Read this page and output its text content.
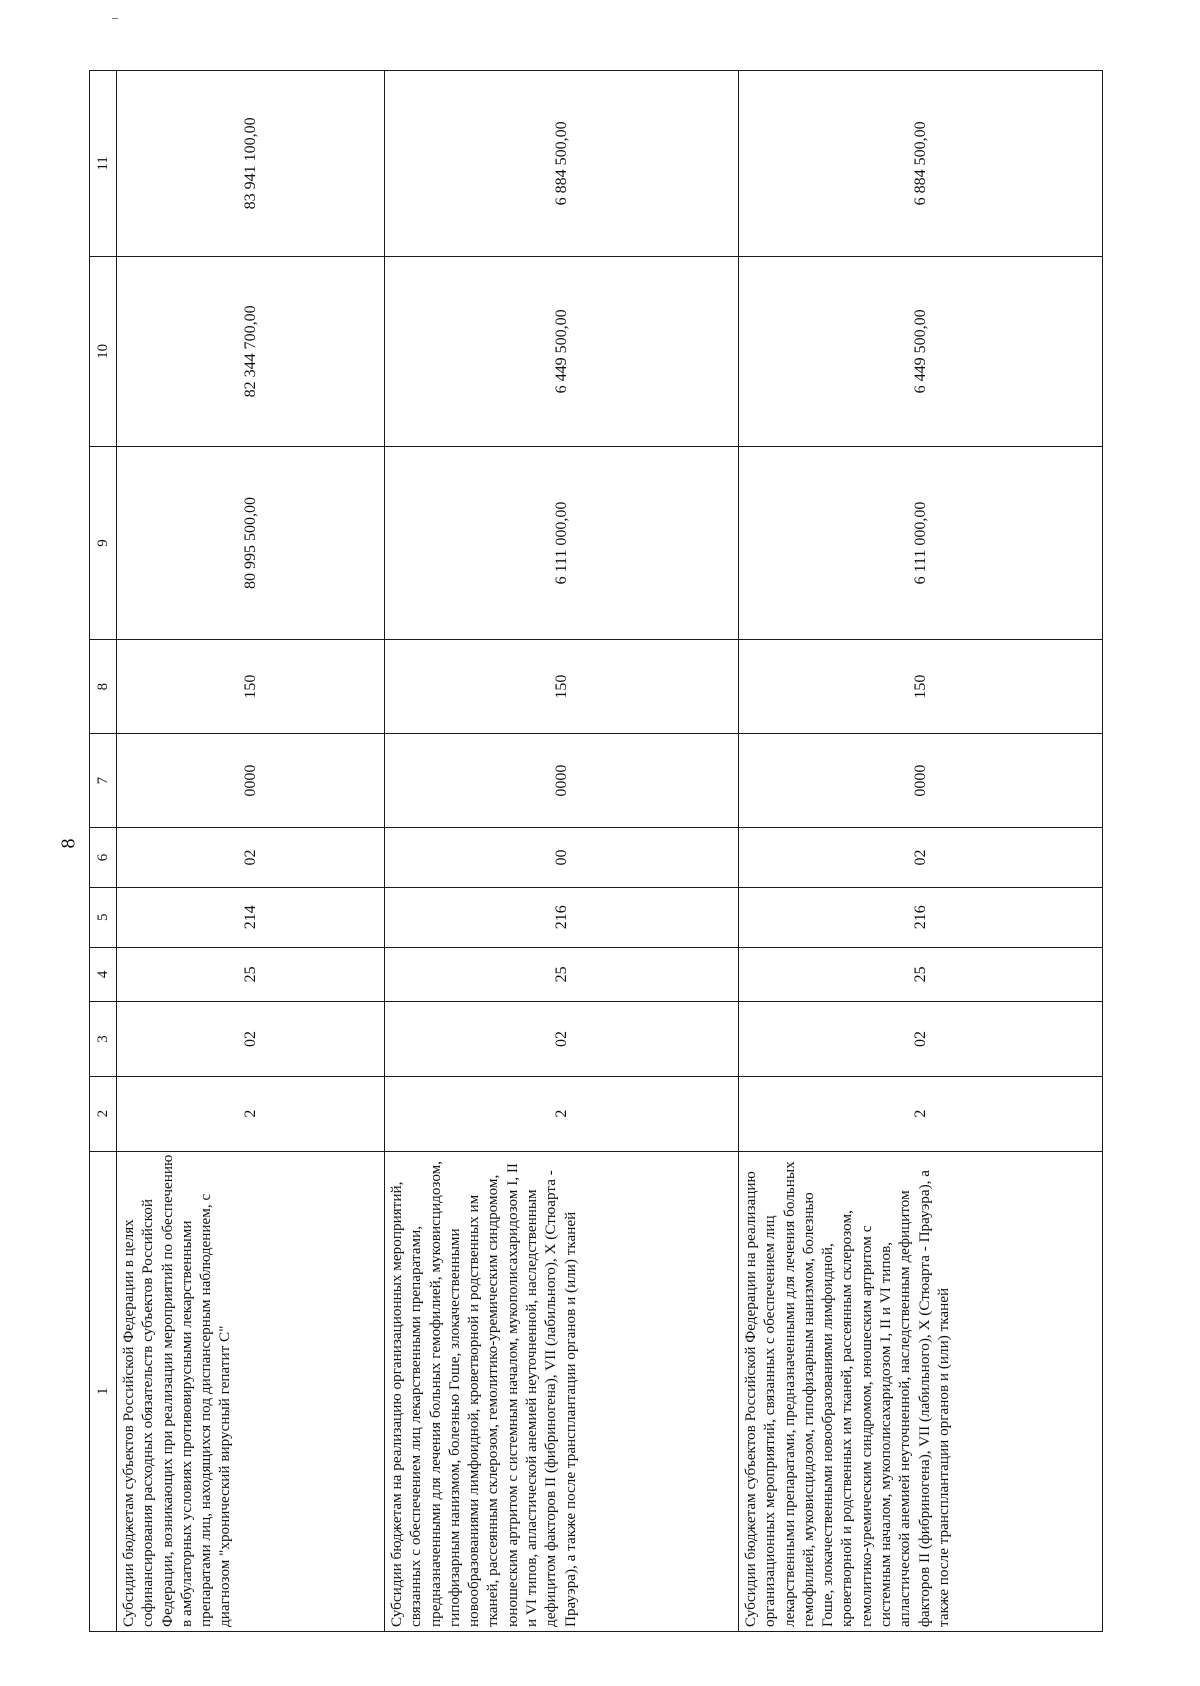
8
1	2	3	4	5	6	7	8	9	10	11
Субсидии бюджетам субъектов Российской Федерации в целях софинансирования расходных обязательств субъектов Российской Федерации, возникающих при реализации мероприятий по обеспечению в амбулаторных условиях противовирусными лекарственными препаратами лиц, находящихся под диспансерным наблюдением, с диагнозом "хронический вирусный гепатит C"	2	02	25	214	02	0000	150	80 995 500,00	82 344 700,00	83 941 100,00
Субсидии бюджетам на реализацию организационных мероприятий, связанных с обеспечением лиц лекарственными препаратами, предназначенными для лечения больных гемофилией, муковисцидозом, гипофизарным нанизмом, болезнью Гоше, злокачественными новообразованиями лимфоидной, кроветворной и родственных им тканей, рассеянным склерозом, гемолитико-уремическим синдромом, юношеским артритом с системным началом, мукополисахаридозом I, II и VI типов, апластической анемией неуточненной, наследственным дефицитом факторов II (фибриногена), VII (лабильного), X (Стюарта - Прауэра), а также после трансплантации органов и (или) тканей	2	02	25	216	00	0000	150	6 111 000,00	6 449 500,00	6 884 500,00
Субсидии бюджетам субъектов Российской Федерации на реализацию организационных мероприятий, связанных с обеспечением лиц лекарственными препаратами, предназначенными для лечения больных гемофилией, муковисцидозом, гипофизарным нанизмом, болезнью Гоше, злокачественными новообразованиями лимфоидной, кроветворной и родственных им тканей, рассеянным склерозом, гемолитико-уремическим синдромом, юношеским артритом с системным началом, мукополисахаридозом I, II и VI типов, апластической анемией неуточненной, наследственным дефицитом факторов II (фибриногена), VII (лабильного), X (Стюарта - Прауэра), а также после трансплантации органов и (или) тканей	2	02	25	216	02	0000	150	6 111 000,00	6 449 500,00	6 884 500,00
